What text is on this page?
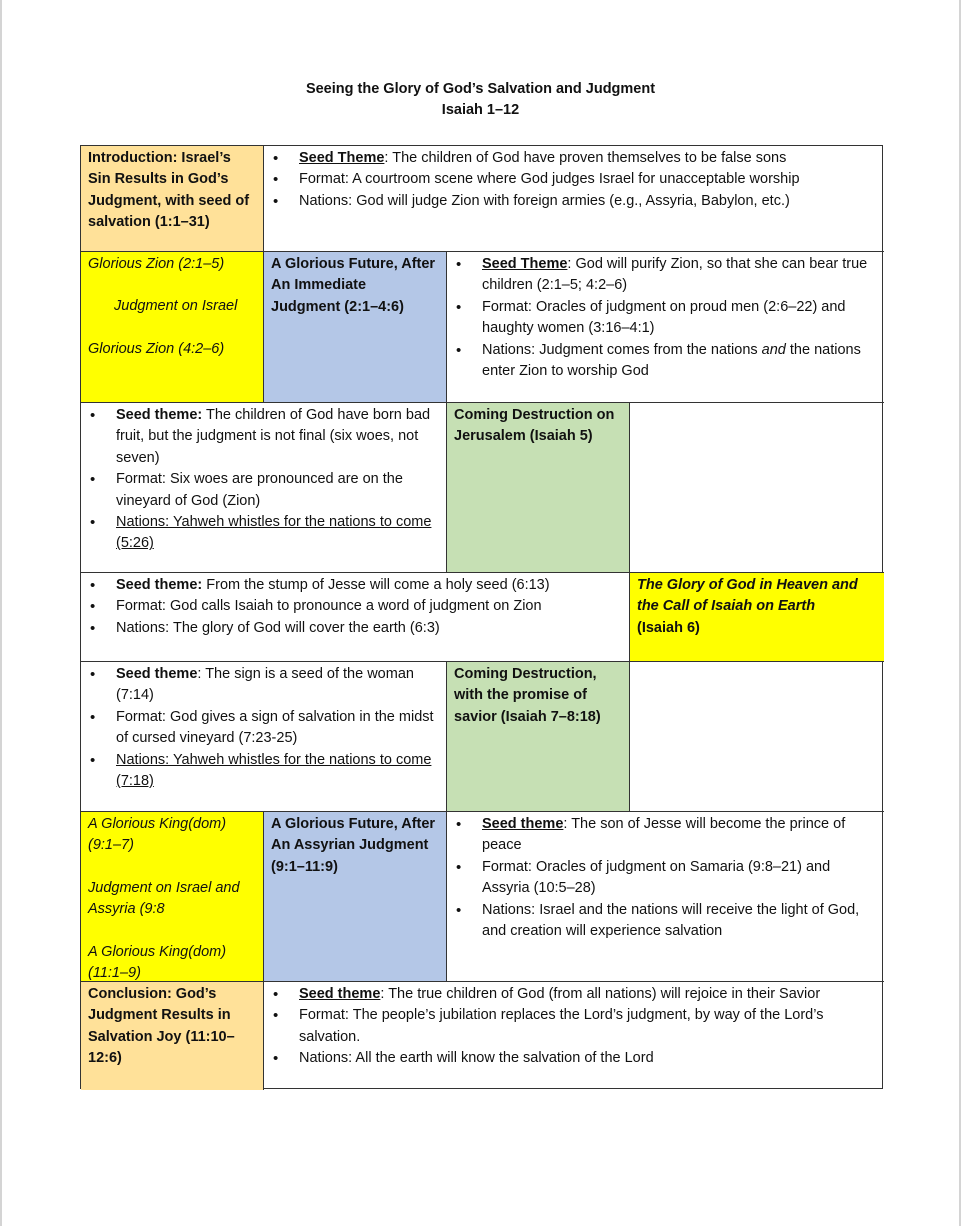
Seeing the Glory of God’s Salvation and Judgment
Isaiah 1–12
Introduction: Israel’s Sin Results in God’s Judgment, with seed of salvation (1:1–31)
• Seed Theme: The children of God have proven themselves to be false sons
• Format: A courtroom scene where God judges Israel for unacceptable worship
• Nations: God will judge Zion with foreign armies (e.g., Assyria, Babylon, etc.)
Glorious Zion (2:1–5)
Judgment on Israel
Glorious Zion (4:2–6)
A Glorious Future, After An Immediate Judgment (2:1–4:6)
• Seed Theme: God will purify Zion, so that she can bear true children (2:1–5; 4:2–6)
• Format: Oracles of judgment on proud men (2:6–22) and haughty women (3:16–4:1)
• Nations: Judgment comes from the nations and the nations enter Zion to worship God
• Seed theme: The children of God have born bad fruit, but the judgment is not final (six woes, not seven)
• Format: Six woes are pronounced are on the vineyard of God (Zion)
• Nations: Yahweh whistles for the nations to come (5:26)
Coming Destruction on Jerusalem (Isaiah 5)
• Seed theme: From the stump of Jesse will come a holy seed (6:13)
• Format: God calls Isaiah to pronounce a word of judgment on Zion
• Nations: The glory of God will cover the earth (6:3)
The Glory of God in Heaven and the Call of Isaiah on Earth
(Isaiah 6)
• Seed theme: The sign is a seed of the woman (7:14)
• Format: God gives a sign of salvation in the midst of cursed vineyard (7:23-25)
• Nations: Yahweh whistles for the nations to come (7:18)
Coming Destruction, with the promise of savior (Isaiah 7–8:18)
A Glorious King(dom) (9:1–7)
Judgment on Israel and Assyria (9:8
A Glorious King(dom) (11:1–9)
A Glorious Future, After An Assyrian Judgment (9:1–11:9)
• Seed theme: The son of Jesse will become the prince of peace
• Format: Oracles of judgment on Samaria (9:8–21) and Assyria (10:5–28)
• Nations: Israel and the nations will receive the light of God, and creation will experience salvation
Conclusion: God’s Judgment Results in Salvation Joy (11:10–12:6)
• Seed theme: The true children of God (from all nations) will rejoice in their Savior
• Format: The people’s jubilation replaces the Lord’s judgment, by way of the Lord’s salvation.
• Nations: All the earth will know the salvation of the Lord
